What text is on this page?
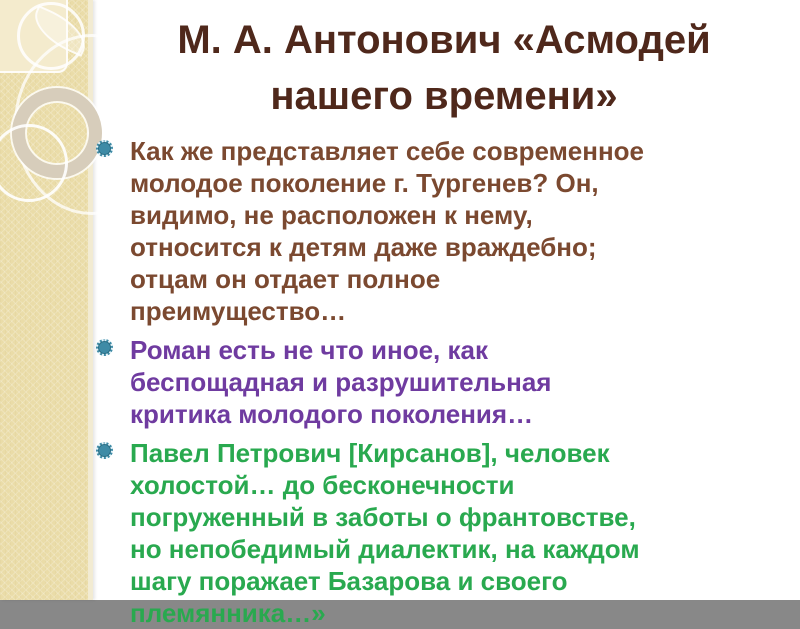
М. А. Антонович «Асмодей
нашего времени»
Как же представляет себе современное
молодое поколение г. Тургенев? Он,
видимо, не расположен к нему,
относится к детям даже враждебно;
отцам он отдает полное
преимущество…
Роман есть не что иное, как
беспощадная и разрушительная
критика молодого поколения…
Павел Петрович [Кирсанов], человек
холостой… до бесконечности
погруженный в заботы о франтовстве,
но непобедимый диалектик, на каждом
шагу поражает Базарова и своего
племянника…»
